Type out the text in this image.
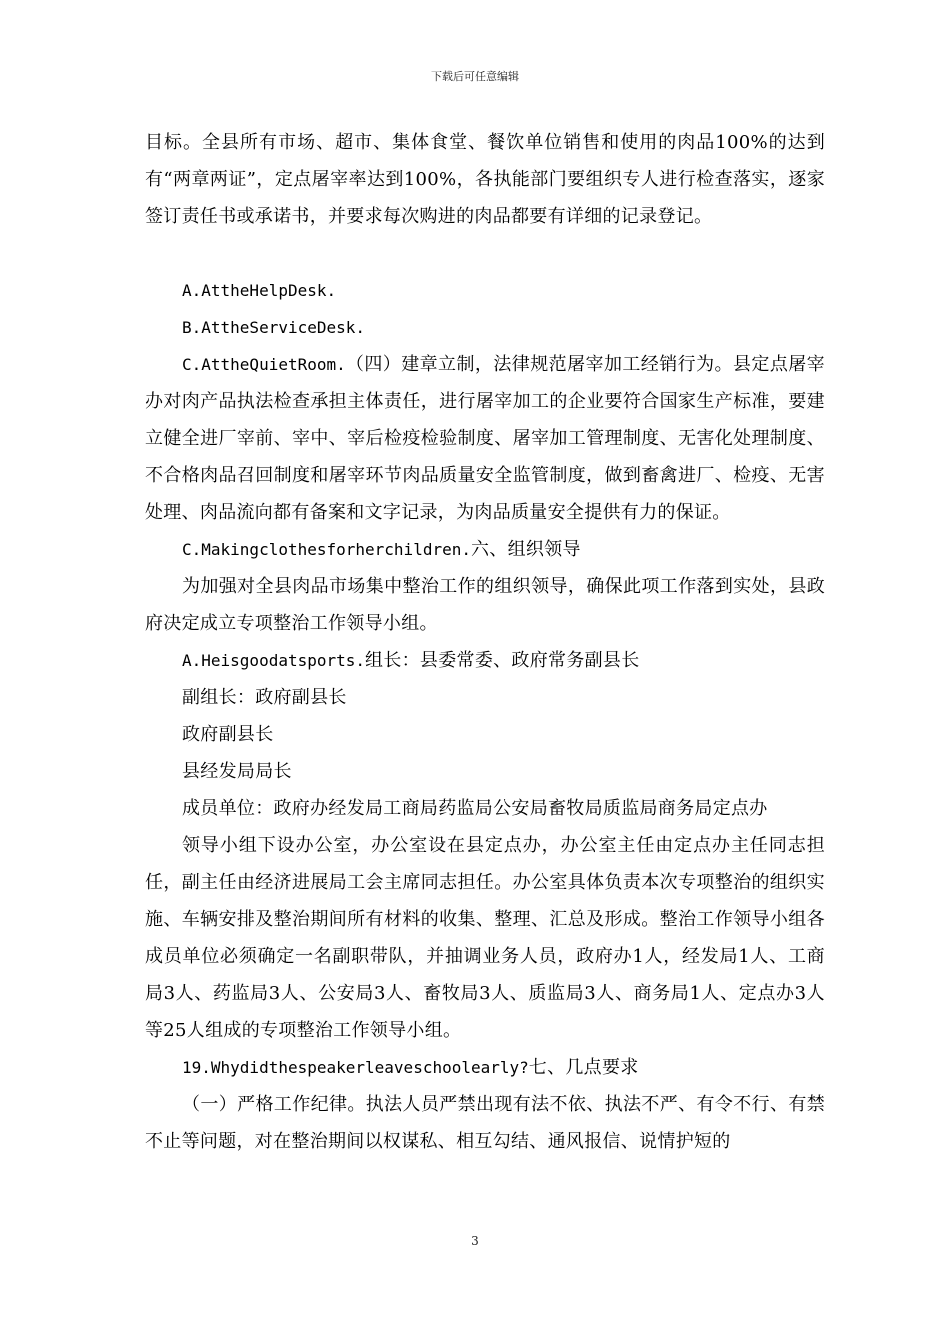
下载后可任意编辑

目标。全县所有市场、超市、集体食堂、餐饮单位销售和使用的肉品100%的达到有“两章两证”，定点屠宰率达到100%，各执能部门要组织专人进行检查落实，逐家签订责任书或承诺书，并要求每次购进的肉品都要有详细的记录登记。

A.AttheHelpDesk.

B.AttheServiceDesk.

C.AttheQuietRoom.（四）建章立制，法律规范屠宰加工经销行为。县定点屠宰办对肉产品执法检查承担主体责任，进行屠宰加工的企业要符合国家生产标准，要建立健全进厂宰前、宰中、宰后检疫检验制度、屠宰加工管理制度、无害化处理制度、不合格肉品召回制度和屠宰环节肉品质量安全监管制度，做到畜禽进厂、检疫、无害处理、肉品流向都有备案和文字记录，为肉品质量安全提供有力的保证。

C.Makingclothesforherchildren.六、组织领导

为加强对全县肉品市场集中整治工作的组织领导，确保此项工作落到实处，县政府决定成立专项整治工作领导小组。

A.Heisgoodatsports.组长：县委常委、政府常务副县长

副组长：政府副县长

政府副县长

县经发局局长

成员单位：政府办经发局工商局药监局公安局畜牧局质监局商务局定点办

领导小组下设办公室，办公室设在县定点办，办公室主任由定点办主任同志担任，副主任由经济进展局工会主席同志担任。办公室具体负责本次专项整治的组织实施、车辆安排及整治期间所有材料的收集、整理、汇总及形成。整治工作领导小组各成员单位必须确定一名副职带队，并抽调业务人员，政府办1人，经发局1人、工商局3人、药监局3人、公安局3人、畜牧局3人、质监局3人、商务局1人、定点办3人等25人组成的专项整治工作领导小组。

19.Whydidthespeakerleaveschoolearly?七、几点要求

（一）严格工作纪律。执法人员严禁出现有法不依、执法不严、有令不行、有禁不止等问题，对在整治期间以权谋私、相互勾结、通风报信、说情护短的

3
